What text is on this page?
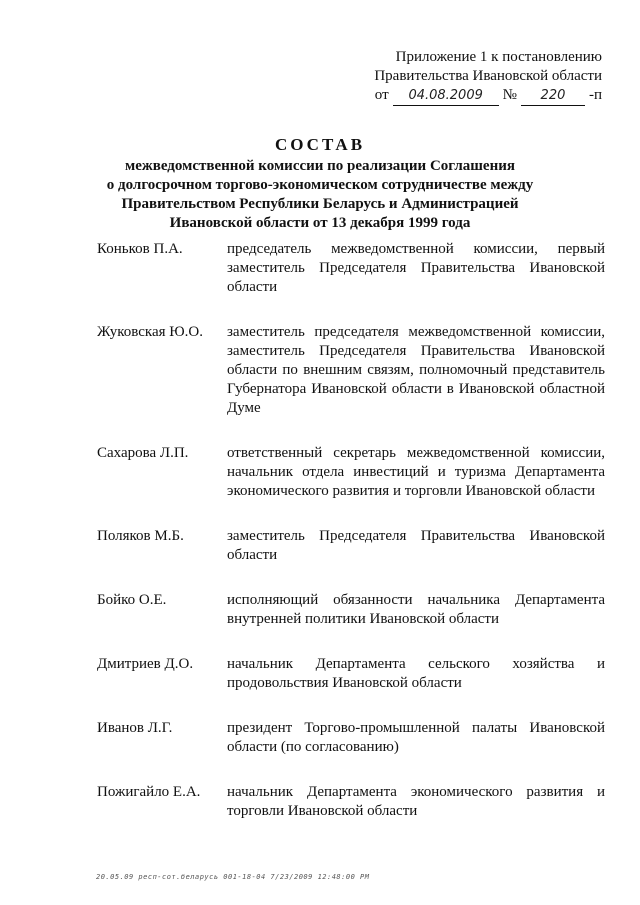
Приложение 1 к постановлению
Правительства Ивановской области
от	04.08.2009	№	220	-п
СОСТАВ
межведомственной комиссии по реализации Соглашения
о долгосрочном торгово-экономическом сотрудничестве между
Правительством Республики Беларусь и Администрацией
Ивановской области от 13 декабря 1999 года
Коньков П.А.	председатель межведомственной комиссии, первый заместитель Председателя Правительства Ивановской области
Жуковская Ю.О.	заместитель председателя межведомственной комиссии, заместитель Председателя Правительства Ивановской области по внешним связям, полномочный представитель Губернатора Ивановской области в Ивановской областной Думе
Сахарова Л.П.	ответственный секретарь межведомственной комиссии, начальник отдела инвестиций и туризма Департамента экономического развития и торговли Ивановской области
Поляков М.Б.	заместитель Председателя Правительства Ивановской области
Бойко О.Е.	исполняющий обязанности начальника Департамента внутренней политики Ивановской области
Дмитриев Д.О.	начальник Департамента сельского хозяйства и продовольствия Ивановской области
Иванов Л.Г.	президент Торгово-промышленной палаты Ивановской области (по согласованию)
Пожигайло Е.А.	начальник Департамента экономического развития и торговли Ивановской области
20.05.09 респ-сот.беларусь 001-18-04 7/23/2009 12:48:00 PM
